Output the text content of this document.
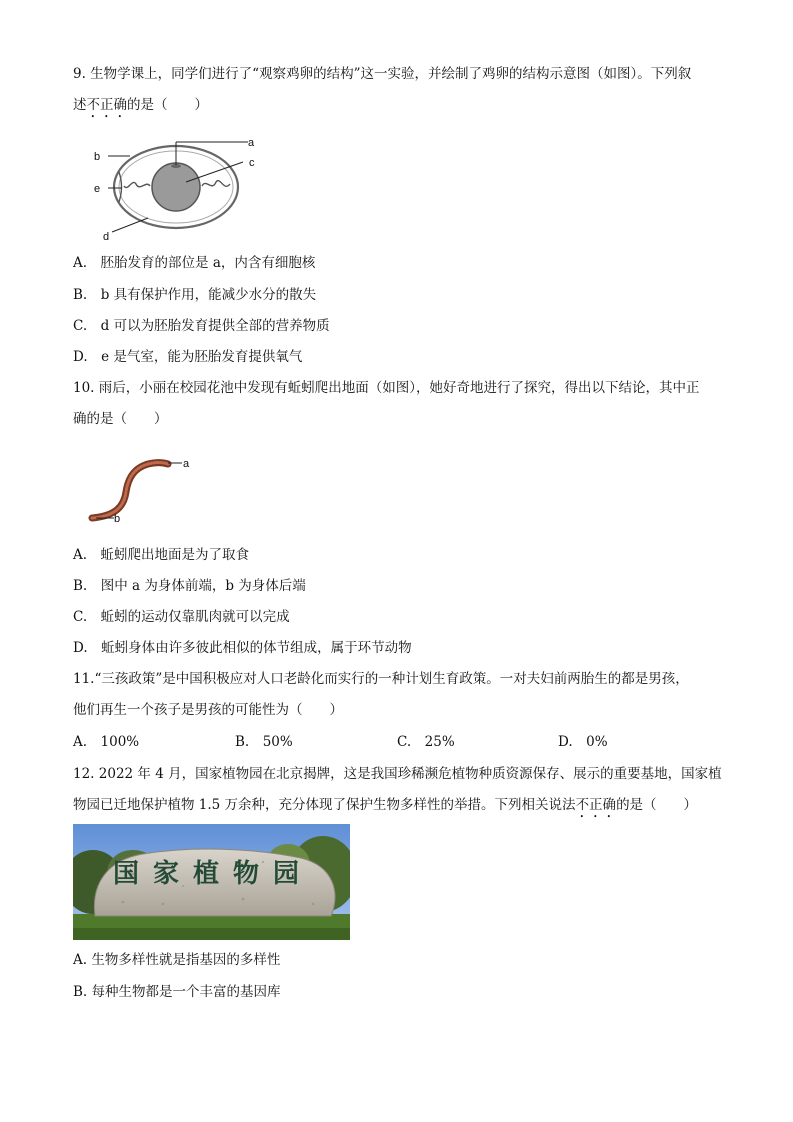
9. 生物学课上，同学们进行了“观察鸡卵的结构”这一实验，并绘制了鸡卵的结构示意图（如图）。下列叙
述不正确的是（　　）
a
b	c
d
e
A.　胚胎发育的部位是 a，内含有细胞核
B.　b 具有保护作用，能减少水分的散失
C.　d 可以为胚胎发育提供全部的营养物质
D.　e 是气室，能为胚胎发育提供氧气
10. 雨后，小丽在校园花池中发现有蚯蚓爬出地面（如图），她好奇地进行了探究，得出以下结论，其中正
确的是（　　）
a
b
A.　蚯蚓爬出地面是为了取食
B.　图中 a 为身体前端，b 为身体后端
C.　蚯蚓的运动仅靠肌肉就可以完成
D.　蚯蚓身体由许多彼此相似的体节组成，属于环节动物
11.“三孩政策”是中国积极应对人口老龄化而实行的一种计划生育政策。一对夫妇前两胎生的都是男孩，
他们再生一个孩子是男孩的可能性为（　　）
A.　100%	B.　50%	C.　25%	D.　0%
12. 2022 年 4 月，国家植物园在北京揭牌，这是我国珍稀濒危植物种质资源保存、展示的重要基地，国家植
物园已迁地保护植物 1.5 万余种，充分体现了保护生物多样性的举措。下列相关说法不正确的是（　　）
国家植物园
A. 生物多样性就是指基因的多样性
B. 每种生物都是一个丰富的基因库
